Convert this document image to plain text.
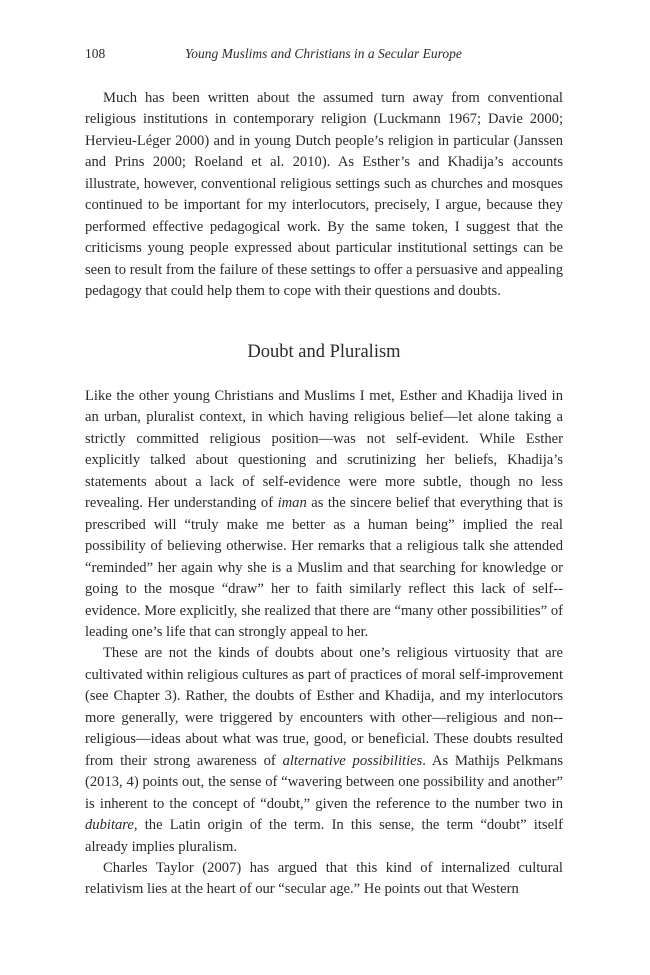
108	Young Muslims and Christians in a Secular Europe

Much has been written about the assumed turn away from conventional religious institutions in contemporary religion (Luckmann 1967; Davie 2000; Hervieu-Léger 2000) and in young Dutch people’s religion in particular (Janssen and Prins 2000; Roeland et al. 2010). As Esther’s and Khadija’s accounts illustrate, however, conventional religious settings such as churches and mosques continued to be important for my interlocutors, precisely, I argue, because they performed effective pedagogical work. By the same token, I suggest that the criticisms young people expressed about particular institutional settings can be seen to result from the failure of these settings to offer a persuasive and appealing pedagogy that could help them to cope with their questions and doubts.

Doubt and Pluralism

Like the other young Christians and Muslims I met, Esther and Khadija lived in an urban, pluralist context, in which having religious belief—let alone taking a strictly committed religious position—was not self-evident. While Esther explicitly talked about questioning and scrutinizing her beliefs, Khadija’s statements about a lack of self-evidence were more subtle, though no less revealing. Her understanding of iman as the sincere belief that everything that is prescribed will “truly make me better as a human being” implied the real possibility of believing otherwise. Her remarks that a religious talk she attended “reminded” her again why she is a Muslim and that searching for knowledge or going to the mosque “draw” her to faith similarly reflect this lack of self-evidence. More explicitly, she realized that there are “many other possibilities” of leading one’s life that can strongly appeal to her.

These are not the kinds of doubts about one’s religious virtuosity that are cultivated within religious cultures as part of practices of moral self-improvement (see Chapter 3). Rather, the doubts of Esther and Khadija, and my interlocutors more generally, were triggered by encounters with other—religious and non-religious—ideas about what was true, good, or beneficial. These doubts resulted from their strong awareness of alternative possibilities. As Mathijs Pelkmans (2013, 4) points out, the sense of “wavering between one possibility and another” is inherent to the concept of “doubt,” given the reference to the number two in dubitare, the Latin origin of the term. In this sense, the term “doubt” itself already implies pluralism.

Charles Taylor (2007) has argued that this kind of internalized cultural relativism lies at the heart of our “secular age.” He points out that Western
